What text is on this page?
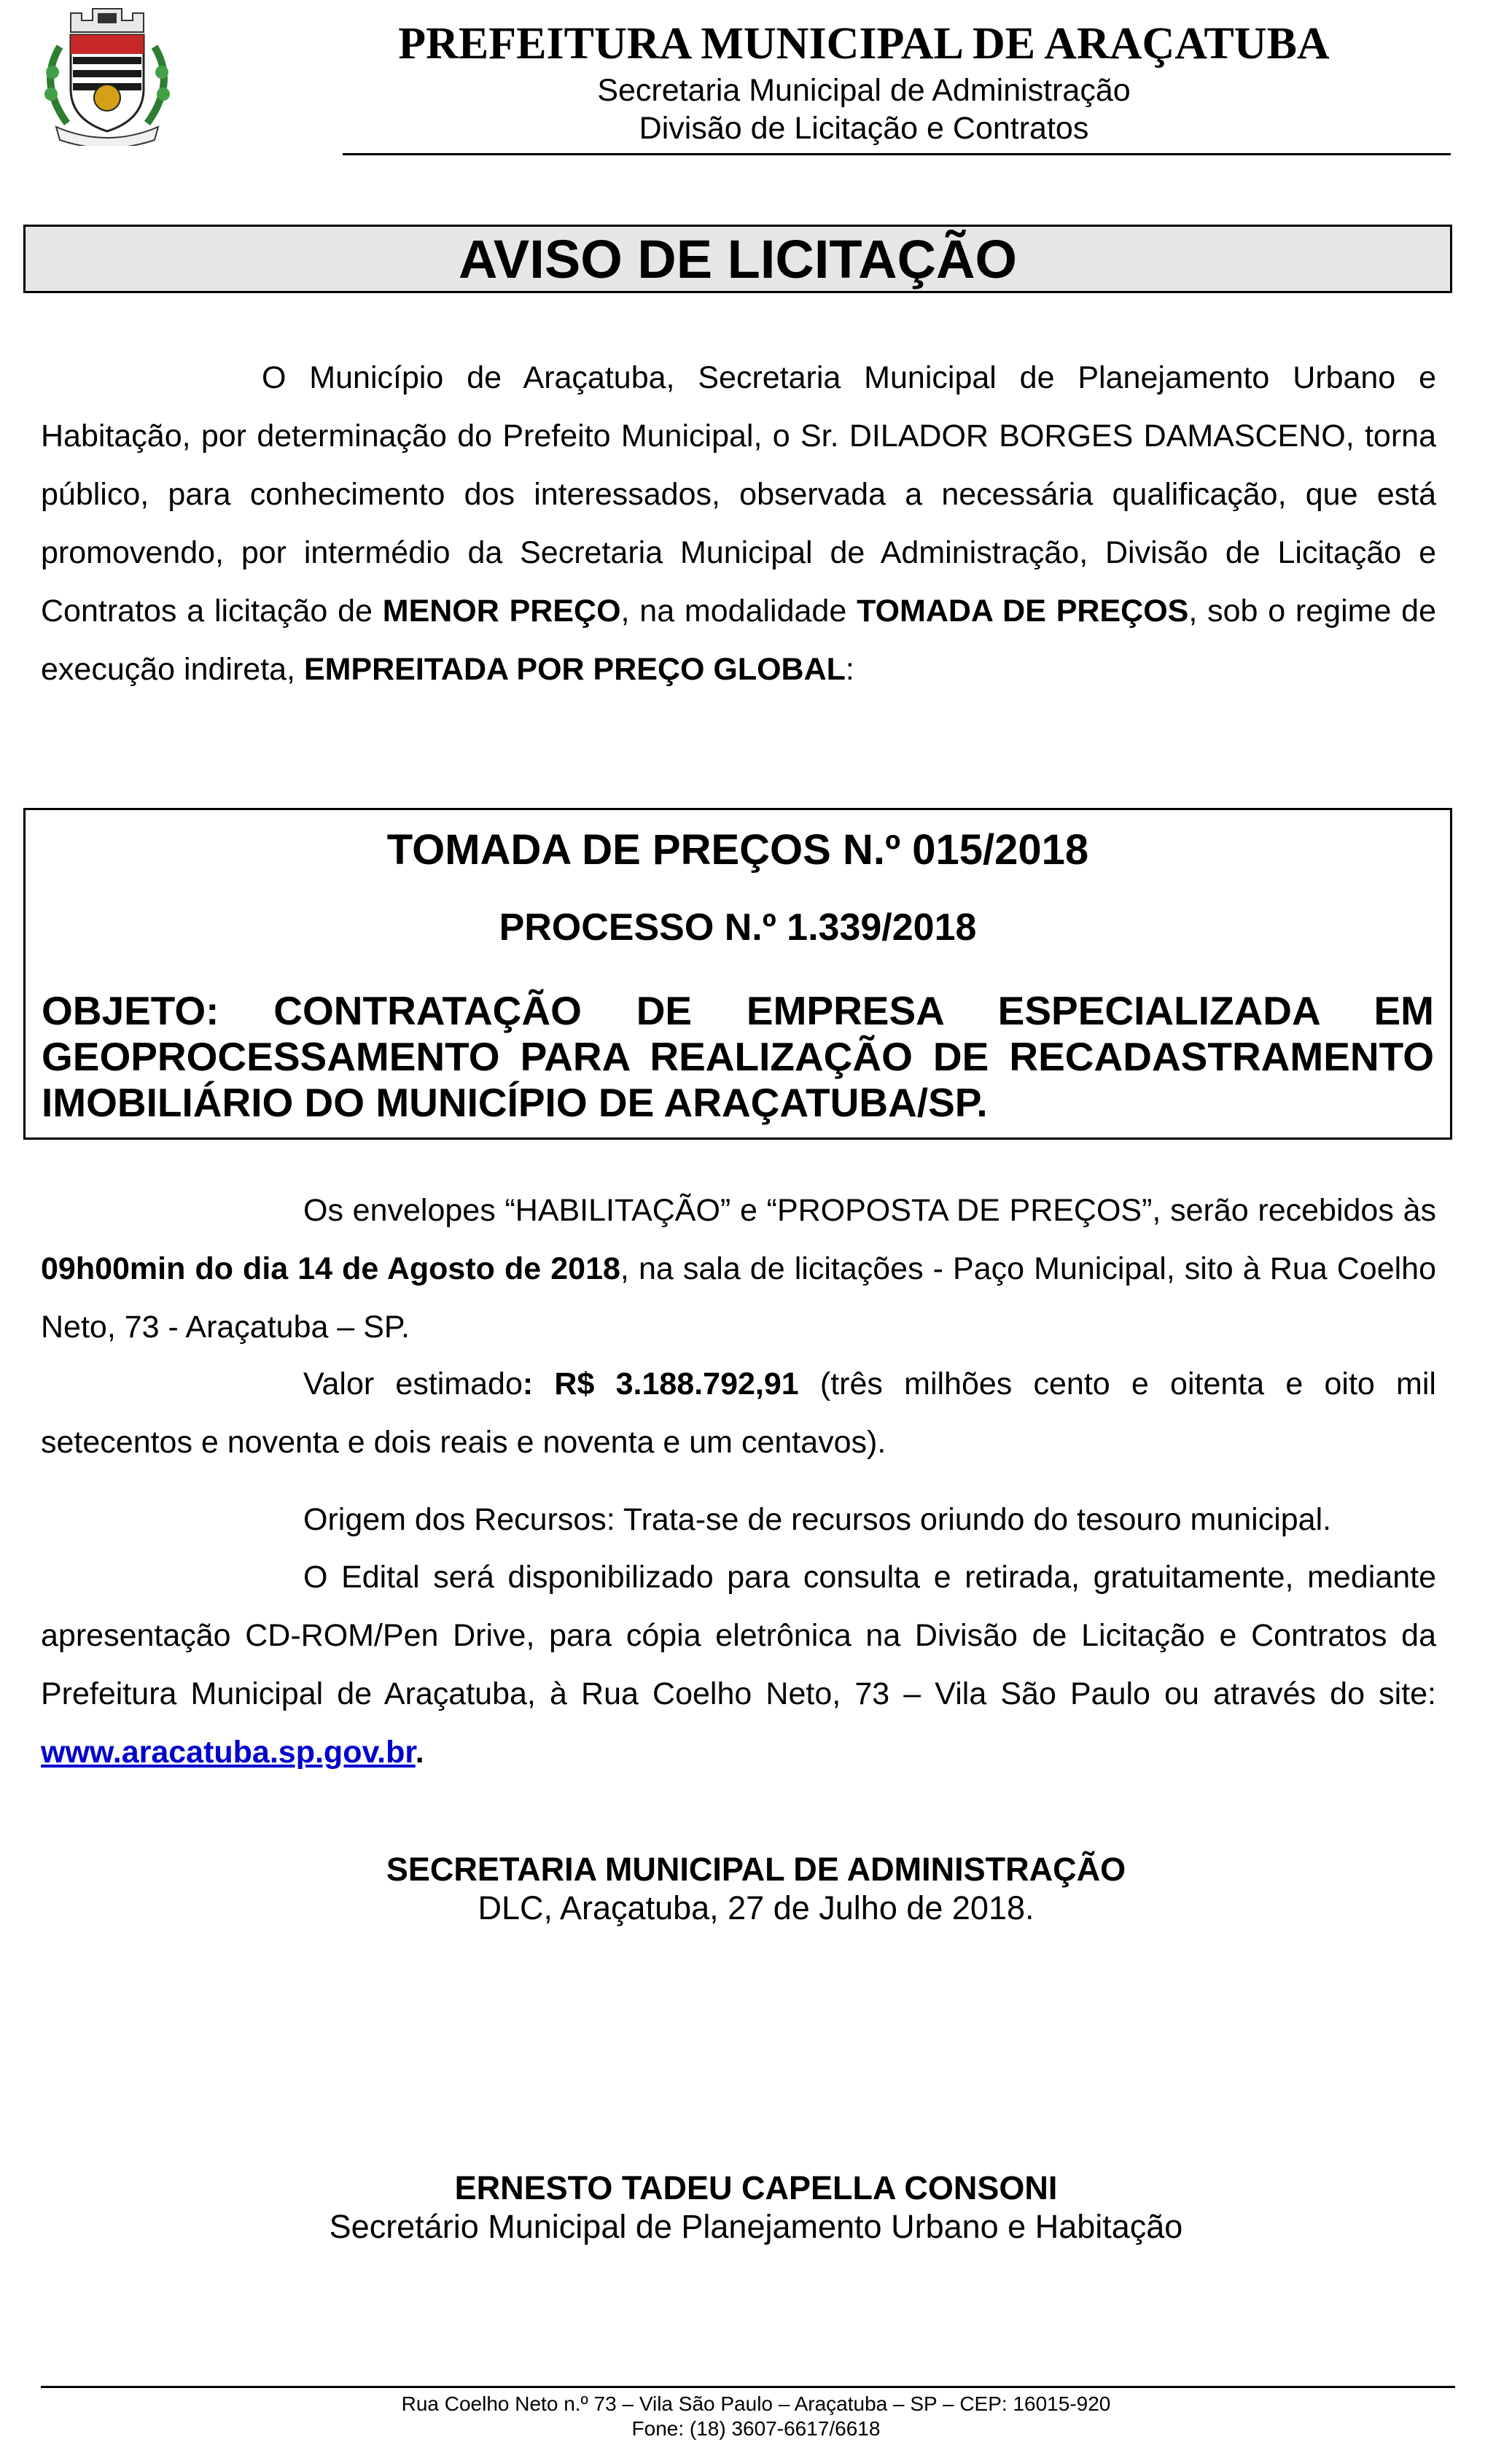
PREFEITURA MUNICIPAL DE ARAÇATUBA
Secretaria Municipal de Administração
Divisão de Licitação e Contratos
AVISO DE LICITAÇÃO
O Município de Araçatuba, Secretaria Municipal de Planejamento Urbano e Habitação, por determinação do Prefeito Municipal, o Sr. DILADOR BORGES DAMASCENO, torna público, para conhecimento dos interessados, observada a necessária qualificação, que está promovendo, por intermédio da Secretaria Municipal de Administração, Divisão de Licitação e Contratos a licitação de MENOR PREÇO, na modalidade TOMADA DE PREÇOS, sob o regime de execução indireta, EMPREITADA POR PREÇO GLOBAL:
TOMADA DE PREÇOS N.º 015/2018
PROCESSO N.º 1.339/2018
OBJETO: CONTRATAÇÃO DE EMPRESA ESPECIALIZADA EM GEOPROCESSAMENTO PARA REALIZAÇÃO DE RECADASTRAMENTO IMOBILIÁRIO DO MUNICÍPIO DE ARAÇATUBA/SP.
Os envelopes “HABILITAÇÃO” e “PROPOSTA DE PREÇOS”, serão recebidos às 09h00min do dia 14 de Agosto de 2018, na sala de licitações - Paço Municipal, sito à Rua Coelho Neto, 73 - Araçatuba – SP.
Valor estimado: R$ 3.188.792,91 (três milhões cento e oitenta e oito mil setecentos e noventa e dois reais e noventa e um centavos).
Origem dos Recursos: Trata-se de recursos oriundo do tesouro municipal.
O Edital será disponibilizado para consulta e retirada, gratuitamente, mediante apresentação CD-ROM/Pen Drive, para cópia eletrônica na Divisão de Licitação e Contratos da Prefeitura Municipal de Araçatuba, à Rua Coelho Neto, 73 – Vila São Paulo ou através do site: www.aracatuba.sp.gov.br.
SECRETARIA MUNICIPAL DE ADMINISTRAÇÃO
DLC, Araçatuba, 27 de Julho de 2018.
ERNESTO TADEU CAPELLA CONSONI
Secretário Municipal de Planejamento Urbano e Habitação
Rua Coelho Neto n.º 73 – Vila São Paulo – Araçatuba – SP – CEP: 16015-920
Fone: (18) 3607-6617/6618
